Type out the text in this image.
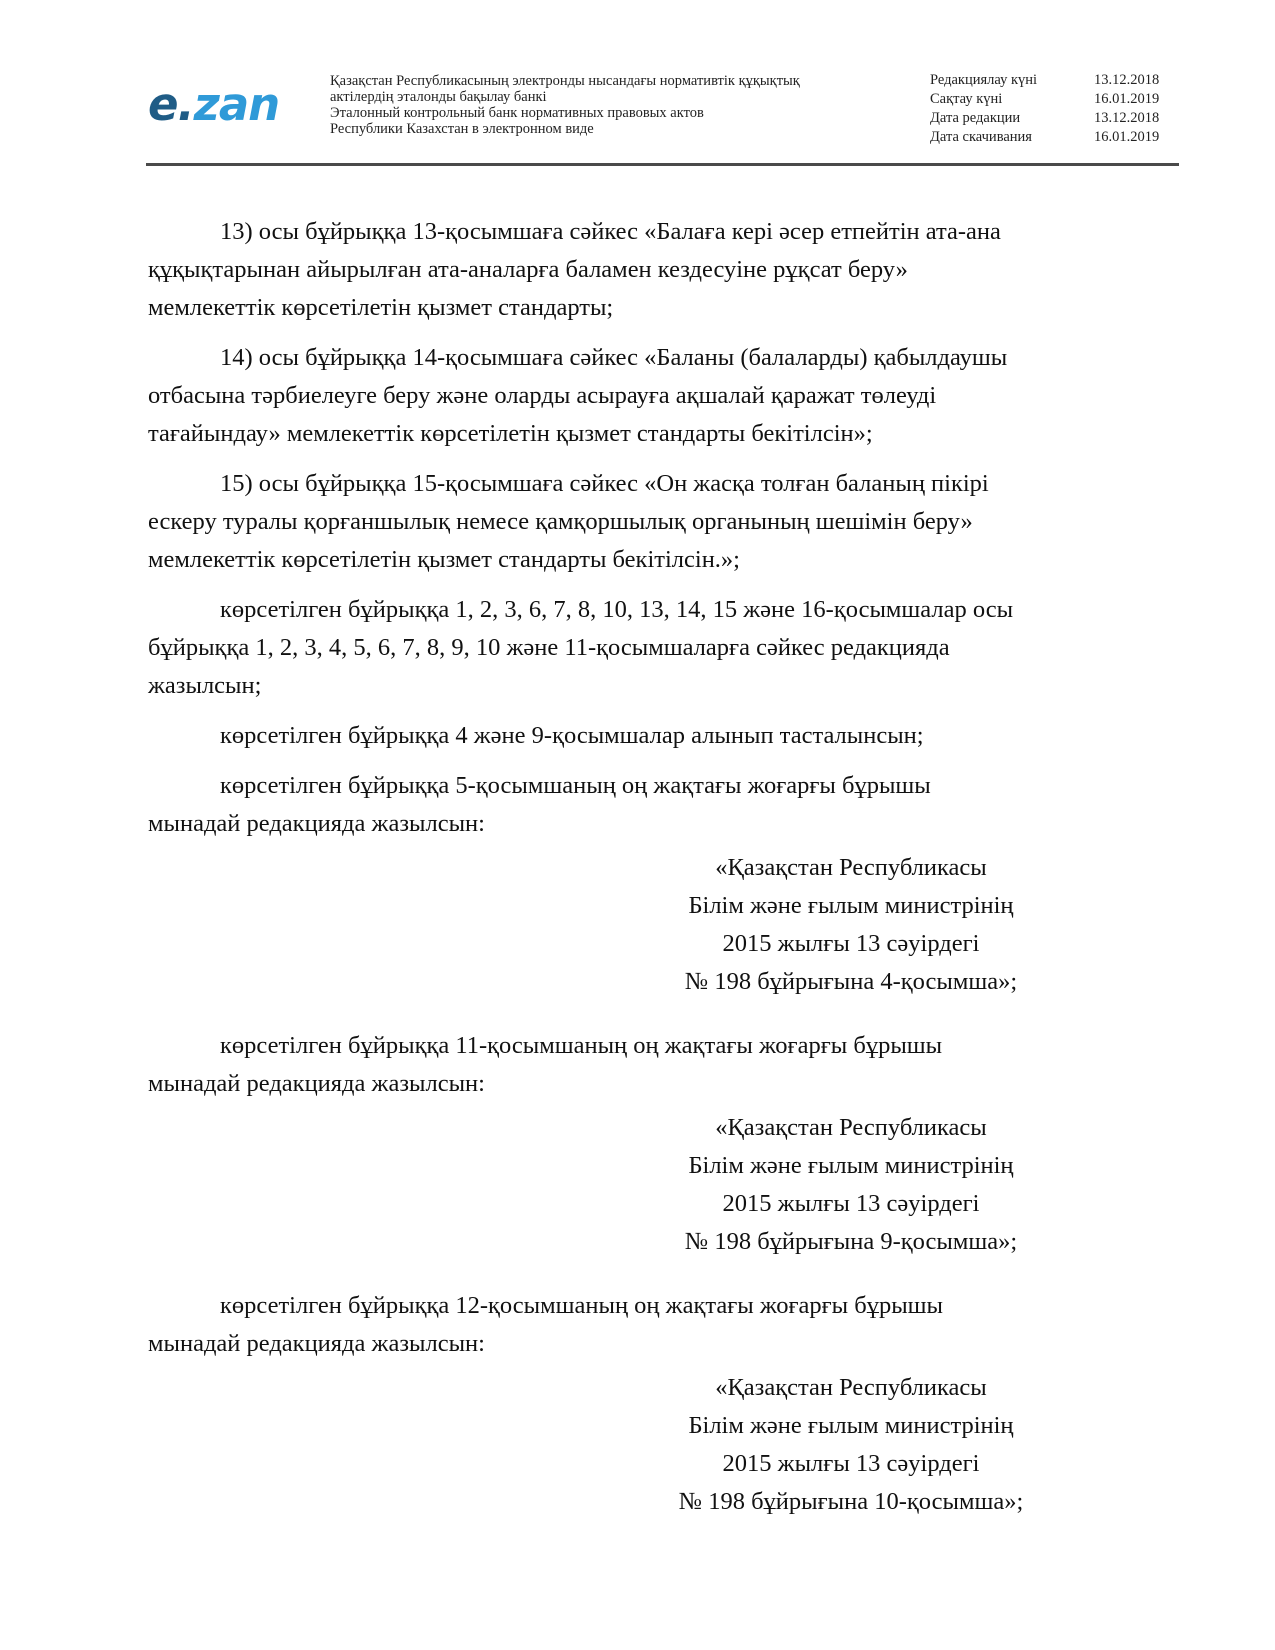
e.zan	Қазақстан Республикасының электронды нысандағы нормативтік құқықтық
актілердің эталонды бақылау банкі
Эталонный контрольный банк нормативных правовых актов
Республики Казахстан в электронном виде
Редакциялау күні	13.12.2018
Сақтау күні	16.01.2019
Дата редакции	13.12.2018
Дата скачивания	16.01.2019

13) осы бұйрыққа 13-қосымшаға сәйкес «Балаға кері әсер етпейтін ата-ана
құқықтарынан айырылған ата-аналарға баламен кездесуіне рұқсат беру»
мемлекеттік көрсетілетін қызмет стандарты;

14) осы бұйрыққа 14-қосымшаға сәйкес «Баланы (балаларды) қабылдаушы
отбасына тәрбиелеуге беру және оларды асырауға ақшалай қаражат төлеуді
тағайындау» мемлекеттік көрсетілетін қызмет стандарты бекітілсін»;

15) осы бұйрыққа 15-қосымшаға сәйкес «Он жасқа толған баланың пікірі
ескеру туралы қорғаншылық немесе қамқоршылық органының шешімін беру»
мемлекеттік көрсетілетін қызмет стандарты бекітілсін.»;

көрсетілген бұйрыққа 1, 2, 3, 6, 7, 8, 10, 13, 14, 15 және 16-қосымшалар осы
бұйрыққа 1, 2, 3, 4, 5, 6, 7, 8, 9, 10 және 11-қосымшаларға сәйкес редакцияда
жазылсын;

көрсетілген бұйрыққа 4 және 9-қосымшалар алынып тасталынсын;

көрсетілген бұйрыққа 5-қосымшаның оң жақтағы жоғарғы бұрышы
мынадай редакцияда жазылсын:

«Қазақстан Республикасы
Білім және ғылым министрінің
2015 жылғы 13 сәуірдегі
№ 198 бұйрығына 4-қосымша»;

көрсетілген бұйрыққа 11-қосымшаның оң жақтағы жоғарғы бұрышы
мынадай редакцияда жазылсын:

«Қазақстан Республикасы
Білім және ғылым министрінің
2015 жылғы 13 сәуірдегі
№ 198 бұйрығына 9-қосымша»;

көрсетілген бұйрыққа 12-қосымшаның оң жақтағы жоғарғы бұрышы
мынадай редакцияда жазылсын:

«Қазақстан Республикасы
Білім және ғылым министрінің
2015 жылғы 13 сәуірдегі
№ 198 бұйрығына 10-қосымша»;
